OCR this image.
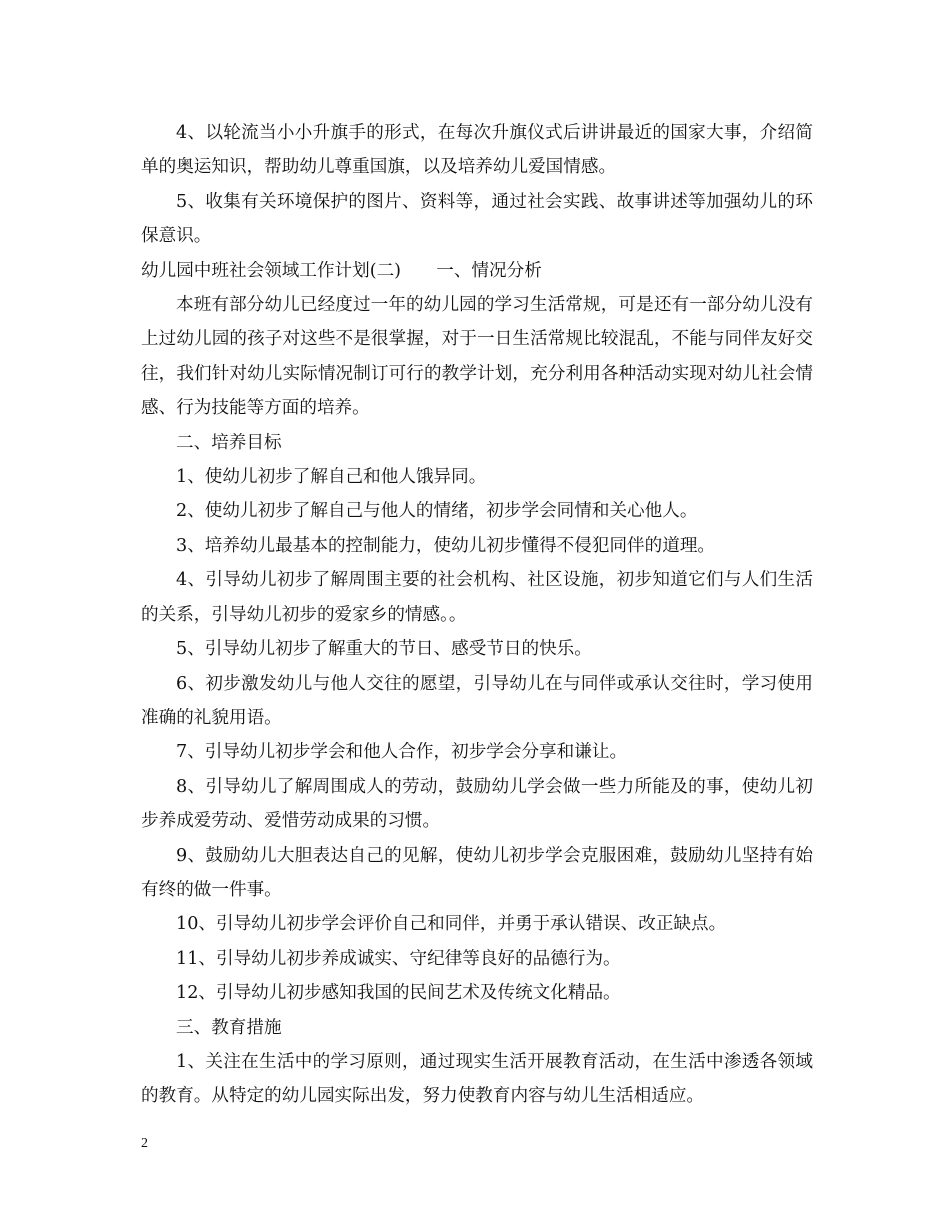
4、以轮流当小小升旗手的形式，在每次升旗仪式后讲讲最近的国家大事，介绍简单的奥运知识，帮助幼儿尊重国旗，以及培养幼儿爱国情感。

5、收集有关环境保护的图片、资料等，通过社会实践、故事讲述等加强幼儿的环保意识。

幼儿园中班社会领域工作计划(二)　　一、情况分析

本班有部分幼儿已经度过一年的幼儿园的学习生活常规，可是还有一部分幼儿没有上过幼儿园的孩子对这些不是很掌握，对于一日生活常规比较混乱，不能与同伴友好交往，我们针对幼儿实际情况制订可行的教学计划，充分利用各种活动实现对幼儿社会情感、行为技能等方面的培养。

二、培养目标

1、使幼儿初步了解自己和他人饿异同。

2、使幼儿初步了解自己与他人的情绪，初步学会同情和关心他人。

3、培养幼儿最基本的控制能力，使幼儿初步懂得不侵犯同伴的道理。

4、引导幼儿初步了解周围主要的社会机构、社区设施，初步知道它们与人们生活的关系，引导幼儿初步的爱家乡的情感。。

5、引导幼儿初步了解重大的节日、感受节日的快乐。

6、初步激发幼儿与他人交往的愿望，引导幼儿在与同伴或承认交往时，学习使用准确的礼貌用语。

7、引导幼儿初步学会和他人合作，初步学会分享和谦让。

8、引导幼儿了解周围成人的劳动，鼓励幼儿学会做一些力所能及的事，使幼儿初步养成爱劳动、爱惜劳动成果的习惯。

9、鼓励幼儿大胆表达自己的见解，使幼儿初步学会克服困难，鼓励幼儿坚持有始有终的做一件事。

10、引导幼儿初步学会评价自己和同伴，并勇于承认错误、改正缺点。

11、引导幼儿初步养成诚实、守纪律等良好的品德行为。

12、引导幼儿初步感知我国的民间艺术及传统文化精品。

三、教育措施

1、关注在生活中的学习原则，通过现实生活开展教育活动，在生活中渗透各领域的教育。从特定的幼儿园实际出发，努力使教育内容与幼儿生活相适应。

2
